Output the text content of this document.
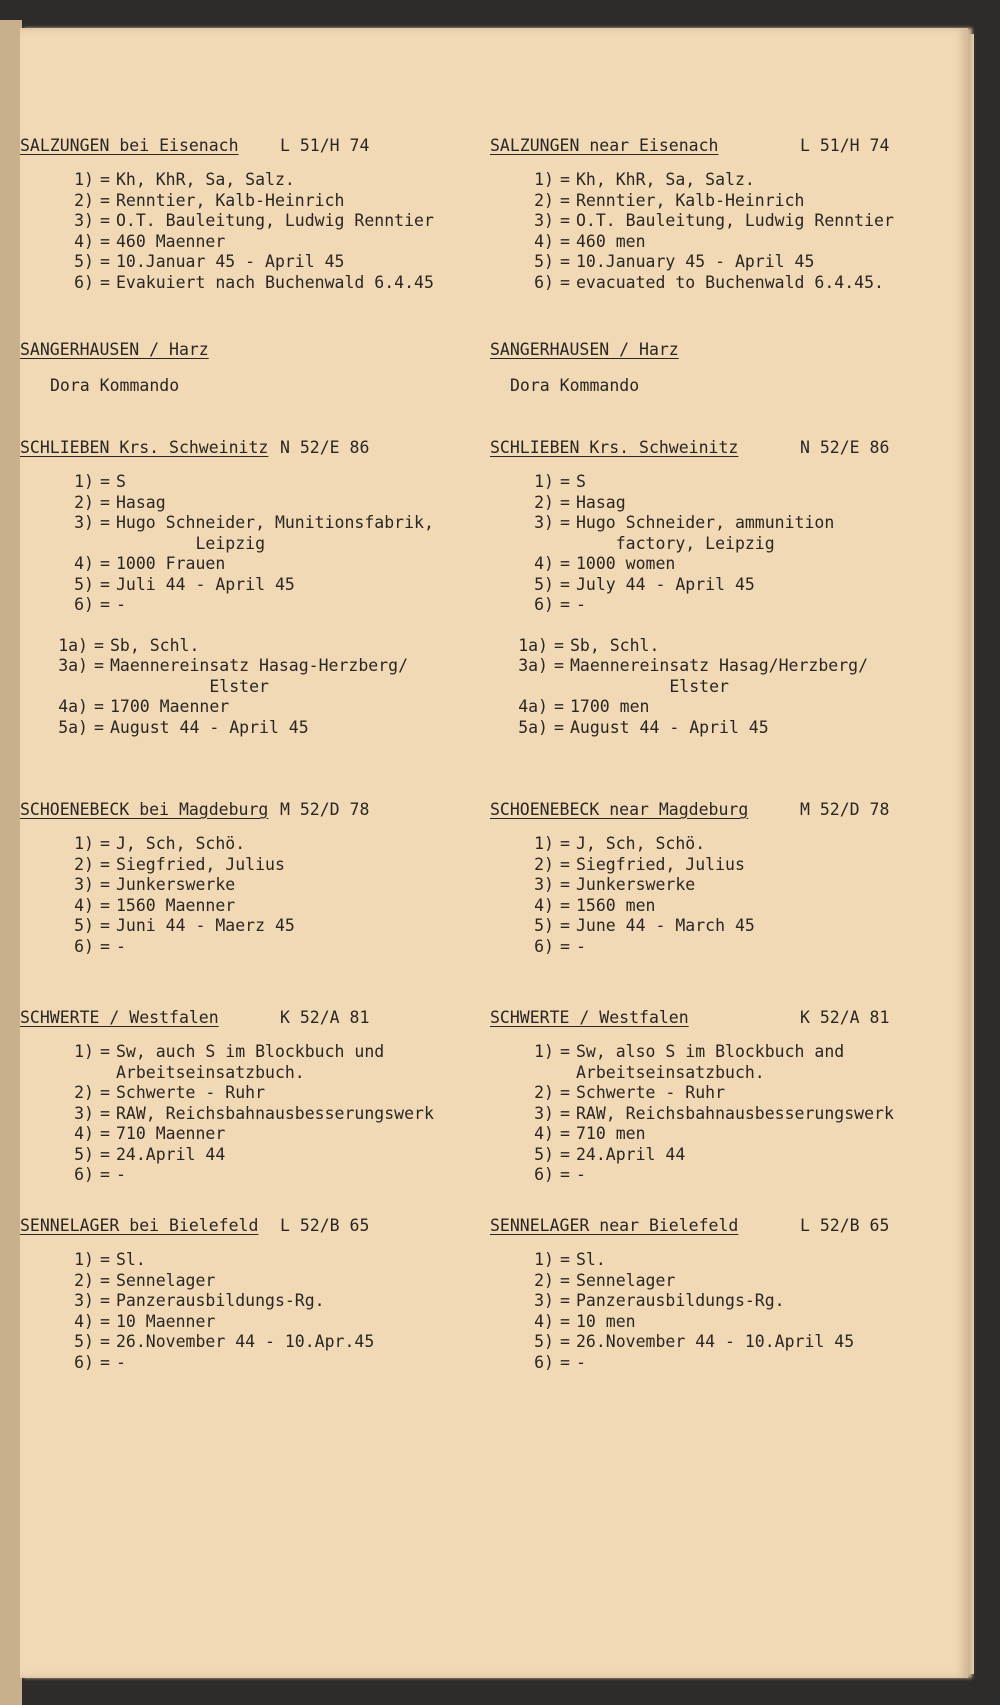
SALZUNGEN bei Eisenach	L 51/H 74
1) = Kh, KhR, Sa, Salz.
2) = Renntier, Kalb-Heinrich
3) = O.T. Bauleitung, Ludwig Renntier
4) = 460 Maenner
5) = 10.Januar 45 - April 45
6) = Evakuiert nach Buchenwald 6.4.45
SANGERHAUSEN / Harz
Dora Kommando
SCHLIEBEN Krs. Schweinitz N 52/E 86
1) = S
2) = Hasag
3) = Hugo Schneider, Munitionsfabrik,
Leipzig
4) = 1000 Frauen
5) = Juli 44 - April 45
6) = -
1a) = Sb, Schl.
3a) = Maennereinsatz Hasag-Herzberg/
Elster
4a) = 1700 Maenner
5a) = August 44 - April 45
SCHOENEBECK bei Magdeburg M 52/D 78
1) = J, Sch, Schö.
2) = Siegfried, Julius
3) = Junkerswerke
4) = 1560 Maenner
5) = Juni 44 - Maerz 45
6) = -
SCHWERTE / Westfalen	K 52/A 81
1) = Sw, auch S im Blockbuch und
Arbeitseinsatzbuch.
2) = Schwerte - Ruhr
3) = RAW, Reichsbahnausbesserungswerk
4) = 710 Maenner
5) = 24.April 44
6) = -
SENNELAGER bei Bielefeld L 52/B 65
1) = Sl.
2) = Sennelager
3) = Panzerausbildungs-Rg.
4) = 10 Maenner
5) = 26.November 44 - 10.Apr.45
6) = -
SALZUNGEN near Eisenach	L 51/H 74
1) = Kh, KhR, Sa, Salz.
2) = Renntier, Kalb-Heinrich
3) = O.T. Bauleitung, Ludwig Renntier
4) = 460 men
5) = 10.January 45 - April 45
6) = evacuated to Buchenwald 6.4.45.
SANGERHAUSEN / Harz
Dora Kommando
SCHLIEBEN Krs. Schweinitz	N 52/E 86
1) = S
2) = Hasag
3) = Hugo Schneider, ammunition
factory, Leipzig
4) = 1000 women
5) = July 44 - April 45
6) = -
1a) = Sb, Schl.
3a) = Maennereinsatz Hasag/Herzberg/
Elster
4a) = 1700 men
5a) = August 44 - April 45
SCHOENEBECK near Magdeburg	M 52/D 78
1) = J, Sch, Schö.
2) = Siegfried, Julius
3) = Junkerswerke
4) = 1560 men
5) = June 44 - March 45
6) = -
SCHWERTE / Westfalen	K 52/A 81
1) = Sw, also S im Blockbuch and
Arbeitseinsatzbuch.
2) = Schwerte - Ruhr
3) = RAW, Reichsbahnausbesserungswerk
4) = 710 men
5) = 24.April 44
6) = -
SENNELAGER near Bielefeld	L 52/B 65
1) = Sl.
2) = Sennelager
3) = Panzerausbildungs-Rg.
4) = 10 men
5) = 26.November 44 - 10.April 45
6) = -
